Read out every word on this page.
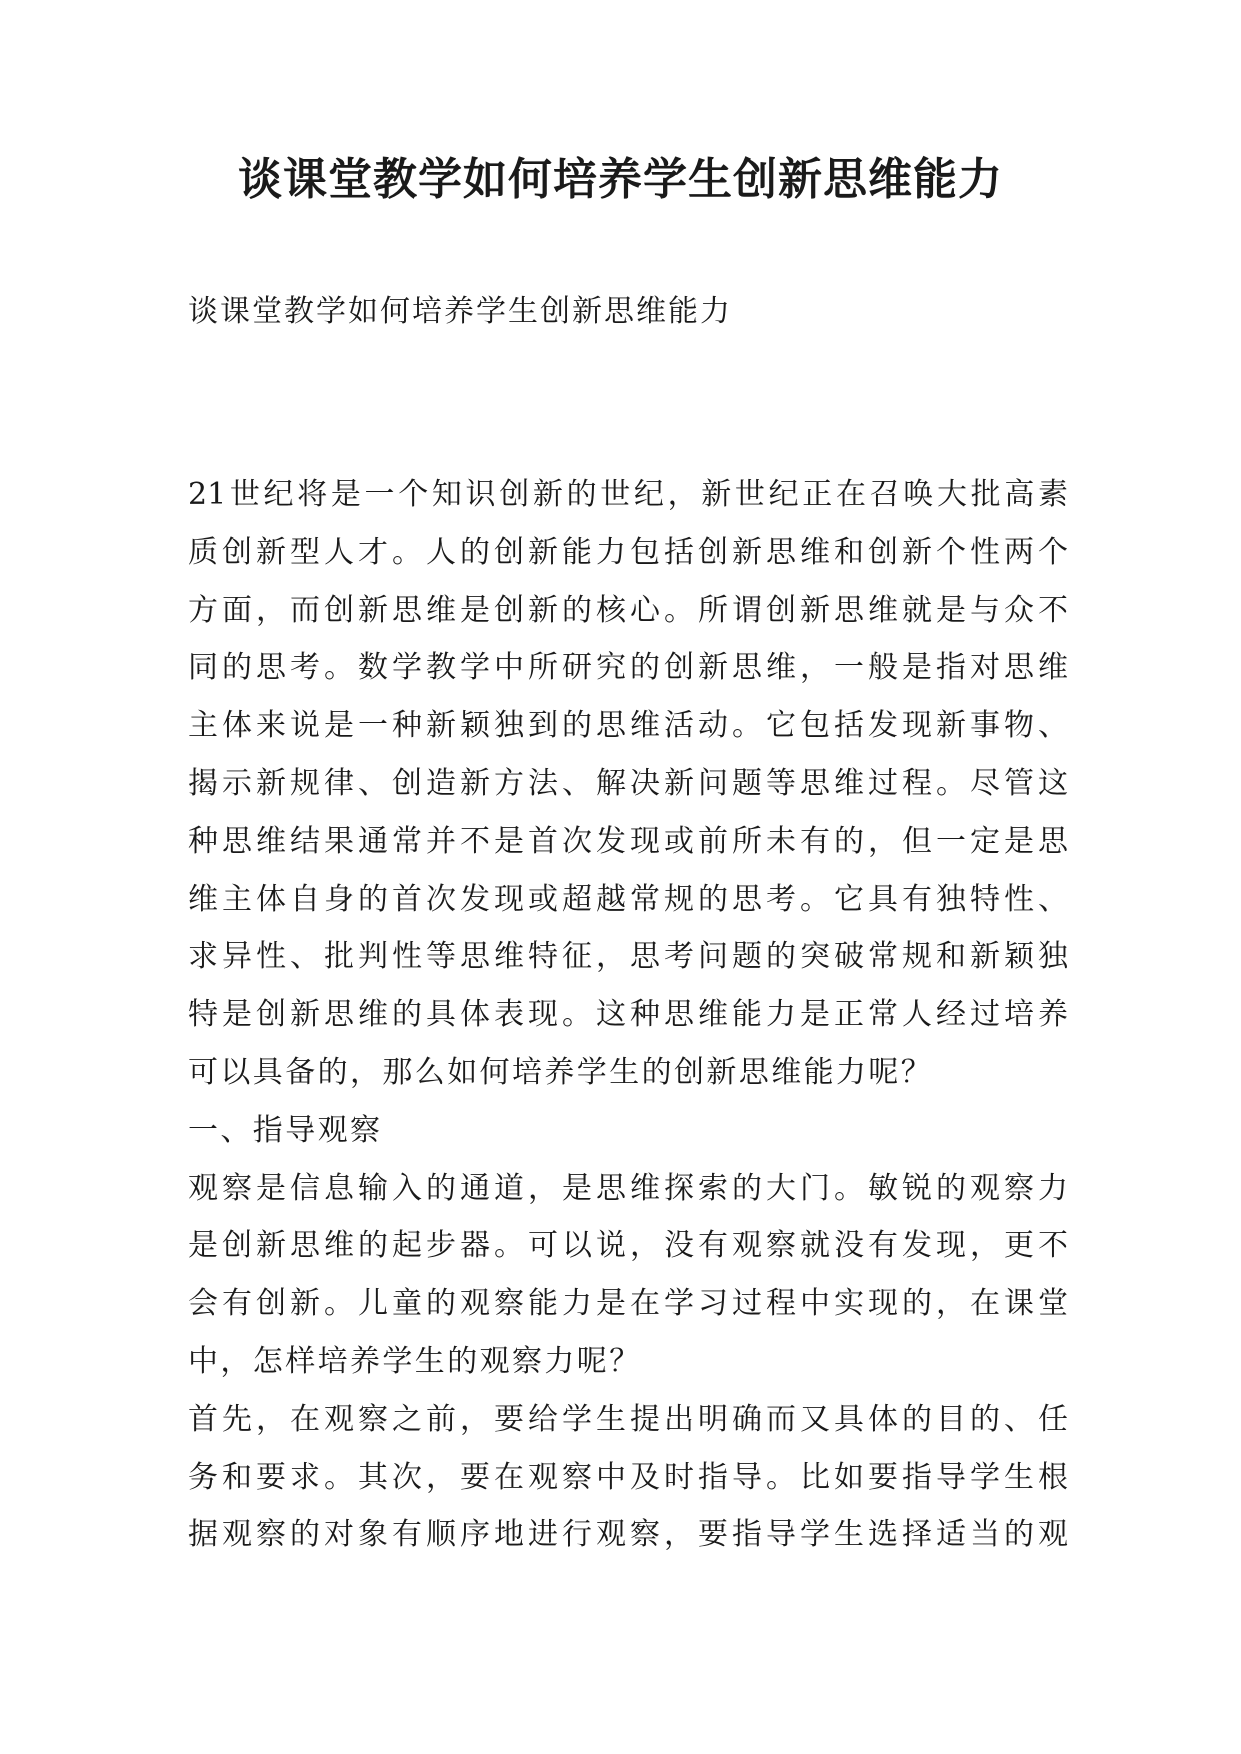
谈课堂教学如何培养学生创新思维能力

谈课堂教学如何培养学生创新思维能力

21世纪将是一个知识创新的世纪，新世纪正在召唤大批高素
质创新型人才。人的创新能力包括创新思维和创新个性两个
方面，而创新思维是创新的核心。所谓创新思维就是与众不
同的思考。数学教学中所研究的创新思维，一般是指对思维
主体来说是一种新颖独到的思维活动。它包括发现新事物、
揭示新规律、创造新方法、解决新问题等思维过程。尽管这
种思维结果通常并不是首次发现或前所未有的，但一定是思
维主体自身的首次发现或超越常规的思考。它具有独特性、
求异性、批判性等思维特征，思考问题的突破常规和新颖独
特是创新思维的具体表现。这种思维能力是正常人经过培养
可以具备的，那么如何培养学生的创新思维能力呢？
一、指导观察
观察是信息输入的通道，是思维探索的大门。敏锐的观察力
是创新思维的起步器。可以说，没有观察就没有发现，更不
会有创新。儿童的观察能力是在学习过程中实现的，在课堂
中，怎样培养学生的观察力呢？
首先，在观察之前，要给学生提出明确而又具体的目的、任
务和要求。其次，要在观察中及时指导。比如要指导学生根
据观察的对象有顺序地进行观察，要指导学生选择适当的观
